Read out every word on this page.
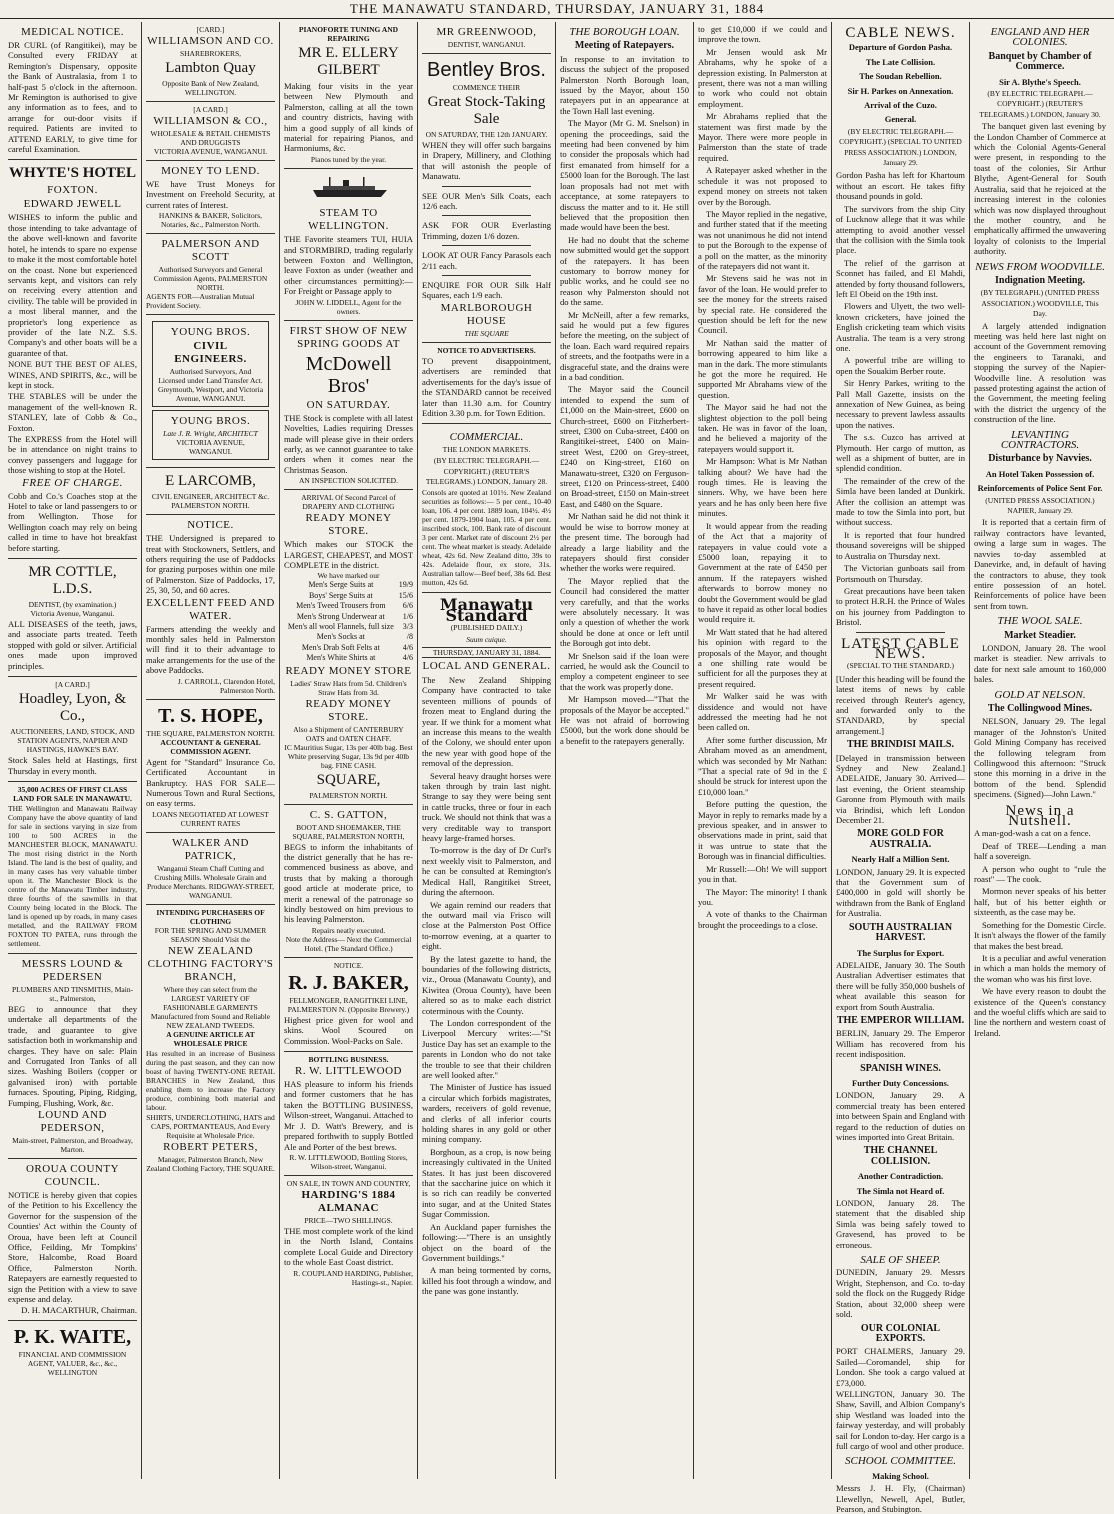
THE MANAWATU STANDARD, THURSDAY, JANUARY 31, 1884
MEDICAL NOTICE.

DR CURL (of Rangitikei), may be Consulted every FRIDAY at Remington's Dispensary, opposite the Bank of Australasia, from 1 to half-past 5 o'clock in the afternoon. Mr Remington is authorised to give any information as to fees, and to arrange for out-door visits if required. Patients are invited to ATTEND EARLY, to give time for careful Examination.

WHYTE'S HOTEL
FOXTON.
EDWARD JEWELL

WISHES to inform the public and those intending to take advantage of the above well-known and favorite hotel, he intends to spare no expense to make it the most comfortable hotel on the coast. None but experienced servants kept, and visitors can rely on receiving every attention and civility. The table will be provided in a most liberal manner, and the proprietor's long experience as provider of the late N.Z. S.S. Company's and other boats will be a guarantee of that.

NONE BUT THE BEST OF ALES, WINES, AND SPIRITS, &c., will be kept in stock.

THE STABLES will be under the management of the well-known R. STANLEY, late of Cobb & Co., Foxton.

The EXPRESS from the Hotel will be in attendance on night trains to convey passengers and luggage for those wishing to stop at the Hotel.

FREE OF CHARGE.

Cobb and Co.'s Coaches stop at the Hotel to take or land passengers to or from Wellington. Those for Wellington coach may rely on being called in time to have hot breakfast before starting.

MR COTTLE, L.D.S.
DENTIST, (by examination.)
Victoria Avenue, Wanganui.

ALL DISEASES of the teeth, jaws, and associate parts treated. Teeth stopped with gold or silver. Artificial ones made upon improved principles.

[A CARD.]
Hoadley, Lyon, & Co.,
AUCTIONEERS, LAND, STOCK, AND STATION AGENTS, NAPIER AND HASTINGS, HAWKE'S BAY.

Stock Sales held at Hastings, first Thursday in every month.

35,000 ACRES OF FIRST CLASS LAND FOR SALE IN MANAWATU.

THE Wellington and Manawatu Railway Company have the above quantity of land for sale in sections varying in size from 100 to 500 ACRES in the MANCHESTER BLOCK, MANAWATU. The most rising district in the North Island. The land is the best of quality, and in many cases has very valuable timber upon it. The Manchester Block is the centre of the Manawatu Timber industry, three fourths of the sawmills in that County being located in the Block. The land is opened up by roads, in many cases metalled, and the RAILWAY FROM FOXTON TO PATEA, runs through the settlement.

MESSRS LOUND & PEDERSEN
PLUMBERS AND TINSMITHS, Main-st., Palmerston,

BEG to announce that they undertake all departments of the trade, and guarantee to give satisfaction both in workmanship and charges. They have on sale: Plain and Corrugated Iron Tanks of all sizes. Washing Boilers (copper or galvanised iron) with portable furnaces. Spouting, Piping, Ridging, Fumping, Flushing, Work, &c.

LOUND AND PEDERSON,
Main-street, Palmerston, and Broadway, Marton.
OROUA COUNTY COUNCIL.

NOTICE is hereby given that copies of the Petition to his Excellency the Governor for the suspension of the Counties' Act within the County of Oroua, have been left at Council Office, Feilding, Mr Tompkins' Store, Halcombe, Road Board Office, Palmerston North. Ratepayers are earnestly requested to sign the Petition with a view to save expense and delay.

D. H. MACARTHUR, Chairman.
P. K. WAITE,
FINANCIAL AND COMMISSION AGENT, VALUER, &c., &c., WELLINGTON
[CARD.]
WILLIAMSON AND CO.
SHAREBROKERS,
Lambton Quay
Opposite Bank of New Zealand, WELLINGTON.
[A CARD.]
WILLIAMSON & CO.,
WHOLESALE & RETAIL CHEMISTS AND DRUGGISTS
VICTORIA AVENUE, WANGANUI.
MONEY TO LEND.

WE have Trust Moneys for Investment on Freehold Security, at current rates of Interest.

HANKINS & BAKER, Solicitors, Notaries, &c., Palmerston North.
PALMERSON AND SCOTT
Authorised Surveyors and General Commission Agents, PALMERSTON NORTH.
AGENTS FOR—Australian Mutual Provident Society.
YOUNG BROS.
CIVIL ENGINEERS.
Authorised Surveyors, And Licensed under Land Transfer Act. Greymouth, Westport, and Victoria Avenue, WANGANUI.
YOUNG BROS.
Late J. R. Wright, ARCHITECT
VICTORIA AVENUE, WANGANUI.
E LARCOMB,
CIVIL ENGINEER, ARCHITECT &c. PALMERSTON NORTH.
NOTICE.

THE Undersigned is prepared to treat with Stockowners, Settlers, and others requiring the use of Paddocks for grazing purposes within one mile of Palmerston. Size of Paddocks, 17, 25, 30, 50, and 60 acres.

EXCELLENT FEED AND WATER.

Farmers attending the weekly and monthly sales held in Palmerston will find it to their advantage to make arrangements for the use of the above Paddocks.

J. CARROLL, Clarendon Hotel, Palmerston North.
T. S. HOPE,
THE SQUARE, PALMERSTON NORTH.
ACCOUNTANT & GENERAL COMMISSION AGENT.

Agent for "Standard" Insurance Co. Certificated Accountant in Bankruptcy. HAS FOR SALE—Numerous Town and Rural Sections, on easy terms.

LOANS NEGOTIATED AT LOWEST CURRENT RATES
WALKER AND PATRICK,
Wanganui Steam Chaff Cutting and Crushing Mills. Wholesale Grain and Produce Merchants. RIDGWAY-STREET, WANGANUI.
INTENDING PURCHASERS OF CLOTHING
FOR THE SPRING AND SUMMER SEASON Should Visit the
NEW ZEALAND CLOTHING FACTORY'S BRANCH,
Where they can select from the LARGEST VARIETY OF FASHIONABLE GARMENTS Manufactured from Sound and Reliable NEW ZEALAND TWEEDS.
A GENUINE ARTICLE AT WHOLESALE PRICE

Has resulted in an increase of Business during the past season, and they can now boast of having TWENTY-ONE RETAIL BRANCHES in New Zealand, thus enabling them to increase the Factory produce, combining both material and labour.

SHIRTS, UNDERCLOTHING, HATS and CAPS, PORTMANTEAUS, And Every Requisite at Wholesale Price.
ROBERT PETERS,
Manager, Palmerston Branch, New Zealand Clothing Factory, THE SQUARE.
PIANOFORTE TUNING AND REPAIRING
MR E. ELLERY GILBERT

Making four visits in the year between New Plymouth and Palmerston, calling at all the town and country districts, having with him a good supply of all kinds of material for repairing Pianos, and Harmoniums, &c.

Pianos tuned by the year.
STEAM TO WELLINGTON.

THE Favorite steamers TUI, HUIA and STORMBIRD, trading regularly between Foxton and Wellington, leave Foxton as under (weather and other circumstances permitting):—For Freight or Passage apply to

JOHN W. LIDDELL, Agent for the owners.
FIRST SHOW OF NEW SPRING GOODS AT
McDowell Bros'
ON SATURDAY.

THE Stock is complete with all latest Novelties, Ladies requiring Dresses made will please give in their orders early, as we cannot guarantee to take orders when it comes near the Christmas Season.

AN INSPECTION SOLICITED.
ARRIVAL Of Second Parcel of DRAPERY AND CLOTHING
READY MONEY STORE.

Which makes our STOCK the LARGEST, CHEAPEST, and MOST COMPLETE in the district.

We have marked our
Men's Serge Suits at	19/9
Boys' Serge Suits at	15/6
Men's Tweed Trousers from	6/6
Men's Strong Underwear at	1/6
Men's all wool Flannels, full size	3/3
Men's Socks at	/8
Men's Drab Soft Felts at	4/6
Men's White Shirts at	4/6
READY MONEY STORE
Ladies' Straw Hats from 5d. Children's Straw Hats from 3d.
READY MONEY STORE.
Also a Shipment of CANTERBURY OATS and OATEN CHAFF.
IC Mauritius Sugar, 13s per 40lb bag. Best White preserving Sugar, 13s 9d per 40lb bag. FINE CASH.
SQUARE,
PALMERSTON NORTH.
C. S. GATTON,
BOOT AND SHOEMAKER, THE SQUARE, PALMERSTON NORTH,

BEGS to inform the inhabitants of the district generally that he has re-commenced business as above, and trusts that by making a thorough good article at moderate price, to merit a renewal of the patronage so kindly bestowed on him previous to his leaving Palmerston.

Repairs neatly executed.
Note the Address— Next the Commercial Hotel. (The Standard Office.)
NOTICE.
R. J. BAKER,
FELLMONGER, RANGITIKEI LINE, PALMERSTON N. (Opposite Brewery.)

Highest price given for wool and skins. Wool Scoured on Commission. Wool-Packs on Sale.

BOTTLING BUSINESS.
R. W. LITTLEWOOD

HAS pleasure to inform his friends and former customers that he has taken the BOTTLING BUSINESS, Wilson-street, Wanganui. Attached to Mr J. D. Watt's Brewery, and is prepared forthwith to supply Bottled Ale and Porter of the best brews.

R. W. LITTLEWOOD, Bottling Stores, Wilson-street, Wanganui.
ON SALE, IN TOWN AND COUNTRY,
HARDING'S 1884 ALMANAC
PRICE—TWO SHILLINGS.

THE most complete work of the kind in the North Island, Contains complete Local Guide and Directory to the whole East Coast district.

R. COUPLAND HARDING, Publisher, Hastings-st., Napier.
MR GREENWOOD,
DENTIST, WANGANUI.
Bentley Bros.
COMMENCE THEIR
Great Stock-Taking Sale
ON SATURDAY, THE 12th JANUARY.

WHEN they will offer such bargains in Drapery, Millinery, and Clothing that will astonish the people of Manawatu.

SEE OUR Men's Silk Coats, each 12/6 each.

ASK FOR OUR Everlasting Trimming, dozen 1/6 dozen.

LOOK AT OUR Fancy Parasols each 2/11 each.

ENQUIRE FOR OUR Silk Half Squares, each 1/9 each.

MARLBOROUGH HOUSE
THE SQUARE
NOTICE TO ADVERTISERS.

TO prevent disappointment, advertisers are reminded that advertisements for the day's issue of the STANDARD cannot be received later than 11.30 a.m. for Country Edition 3.30 p.m. for Town Edition.

COMMERCIAL.
THE LONDON MARKETS.
(BY ELECTRIC TELEGRAPH.—COPYRIGHT.) (REUTER'S TELEGRAMS.) LONDON, January 28.

Consols are quoted at 101½. New Zealand securities as follows:— 5 per cent., 10-40 loan, 106. 4 per cent. 1889 loan, 104½. 4½ per cent. 1879-1904 loan, 105. 4 per cent. inscribed stock, 100. Bank rate of discount 3 per cent. Market rate of discount 2½ per cent. The wheat market is steady. Adelaide wheat, 42s 6d. New Zealand ditto, 39s to 42s. Adelaide flour, ex store, 31s. Australian tallow—Beef beef, 38s 6d. Best mutton, 42s 6d.

Manawatu Standard
(PUBLISHED DAILY.)
Suum cuique.
THURSDAY, JANUARY 31, 1884.
LOCAL AND GENERAL.

The New Zealand Shipping Company have contracted to take seventeen millions of pounds of frozen meat to England during the year. If we think for a moment what an increase this means to the wealth of the Colony, we should enter upon the new year with good hope of the removal of the depression.

Several heavy draught horses were taken through by train last night. Strange to say they were being sent in cattle trucks, three or four in each truck. We should not think that was a very creditable way to transport heavy large-framed horses.

To-morrow is the day of Dr Curl's next weekly visit to Palmerston, and he can be consulted at Remington's Medical Hall, Rangitikei Street, during the afternoon.

We again remind our readers that the outward mail via Frisco will close at the Palmerston Post Office to-morrow evening, at a quarter to eight.

By the latest gazette to hand, the boundaries of the following districts, viz., Oroua (Manawatu County), and Kiwitea (Oroua County), have been altered so as to make each district coterminous with the County.

The London correspondent of the Liverpool Mercury writes:—"St Justice Day has set an example to the parents in London who do not take the trouble to see that their children are well looked after."

The Minister of Justice has issued a circular which forbids magistrates, warders, receivers of gold revenue, and clerks of all inferior courts holding shares in any gold or other mining company.

Borghoun, as a crop, is now being increasingly cultivated in the United States. It has just been discovered that the saccharine juice on which it is so rich can readily be converted into sugar, and at the United States Sugar Commission.

An Auckland paper furnishes the following:—"There is an unsightly object on the board of the Government buildings."

A man being tormented by corns, killed his foot through a window, and the pane was gone instantly.

THE BOROUGH LOAN.
Meeting of Ratepayers.

In response to an invitation to discuss the subject of the proposed Palmerston North Borough loan, issued by the Mayor, about 150 ratepayers put in an appearance at the Town Hall last evening.

The Mayor (Mr G. M. Snelson) in opening the proceedings, said the meeting had been convened by him to consider the proposals which had first emanated from himself for a £5000 loan for the Borough. The last loan proposals had not met with acceptance, at some ratepayers to discuss the matter and to it. He still believed that the proposition then made would have been the best.

He had no doubt that the scheme now submitted would get the support of the ratepayers. It has been customary to borrow money for public works, and he could see no reason why Palmerston should not do the same.

Mr McNeill, after a few remarks, said he would put a few figures before the meeting, on the subject of the loan. Each ward required repairs of streets, and the footpaths were in a disgraceful state, and the drains were in a bad condition.

The Mayor said the Council intended to expend the sum of £1,000 on the Main-street, £600 on Church-street, £600 on Fitzherbert-street, £300 on Cuba-street, £400 on Rangitikei-street, £400 on Main-street West, £200 on Grey-street, £240 on King-street, £160 on Manawatu-street, £320 on Ferguson-street, £120 on Princess-street, £400 on Broad-street, £150 on Main-street East, and £480 on the Square.

Mr Nathan said he did not think it would be wise to borrow money at the present time. The borough had already a large liability and the ratepayers should first consider whether the works were required.

The Mayor replied that the Council had considered the matter very carefully, and that the works were absolutely necessary. It was only a question of whether the work should be done at once or left until the Borough got into debt.

Mr Snelson said if the loan were carried, he would ask the Council to employ a competent engineer to see that the work was properly done.

Mr Hampson moved—"That the proposals of the Mayor be accepted." He was not afraid of borrowing £5000, but the work done should be a benefit to the ratepayers generally.

to get £10,000 if we could and improve the town.

Mr Jensen would ask Mr Abrahams, why he spoke of a depression existing. In Palmerston at present, there was not a man willing to work who could not obtain employment.

Mr Abrahams replied that the statement was first made by the Mayor. There were more people in Palmerston than the state of trade required.

A Ratepayer asked whether in the schedule it was not proposed to expend money on streets not taken over by the Borough.

The Mayor replied in the negative, and further stated that if the meeting was not unanimous he did not intend to put the Borough to the expense of a poll on the matter, as the minority of the ratepayers did not want it.

Mr Stevens said he was not in favor of the loan. He would prefer to see the money for the streets raised by special rate. He considered the question should be left for the new Council.

Mr Nathan said the matter of borrowing appeared to him like a man in the dark. The more stimulants he got the more he required. He supported Mr Abrahams view of the question.

The Mayor said he had not the slightest objection to the poll being taken. He was in favor of the loan, and he believed a majority of the ratepayers would support it.

Mr Hampson: What is Mr Nathan talking about? We have had the rough times. He is leaving the sinners. Why, we have been here years and he has only been here five minutes.

It would appear from the reading of the Act that a majority of ratepayers in value could vote a £5000 loan, repaying it to Government at the rate of £450 per annum. If the ratepayers wished afterwards to borrow money no doubt the Government would be glad to have it repaid as other local bodies would require it.

Mr Watt stated that he had altered his opinion with regard to the proposals of the Mayor, and thought a one shilling rate would be sufficient for all the purposes they at present required.

Mr Walker said he was with dissidence and would not have addressed the meeting had he not been called on.

After some further discussion, Mr Abraham moved as an amendment, which was seconded by Mr Nathan: "That a special rate of 9d in the £ should be struck for interest upon the £10,000 loan."

Before putting the question, the Mayor in reply to remarks made by a previous speaker, and in answer to observations made in print, said that it was untrue to state that the Borough was in financial difficulties.

Mr Russell:—Oh! We will support you in that.

The Mayor: The minority! I thank you.

A vote of thanks to the Chairman brought the proceedings to a close.

CABLE NEWS.
Departure of Gordon Pasha.
The Late Collision.
The Soudan Rebellion.
Sir H. Parkes on Annexation.
Arrival of the Cuzo.
General.
(BY ELECTRIC TELEGRAPH.—COPYRIGHT.) (SPECIAL TO UNITED PRESS ASSOCIATION.) LONDON, January 29.

Gordon Pasha has left for Khartoum without an escort. He takes fifty thousand pounds in gold.

The survivors from the ship City of Lucknow allege that it was while attempting to avoid another vessel that the collision with the Simla took place.

The relief of the garrison at Sconnet has failed, and El Mahdi, attended by forty thousand followers, left El Obeid on the 19th inst.

Flowers and Ulyett, the two well-known cricketers, have joined the English cricketing team which visits Australia. The team is a very strong one.

A powerful tribe are willing to open the Souakim Berber route.

Sir Henry Parkes, writing to the Pall Mall Gazette, insists on the annexation of New Guinea, as being necessary to prevent lawless assaults upon the natives.

The s.s. Cuzco has arrived at Plymouth. Her cargo of mutton, as well as a shipment of butter, are in splendid condition.

The remainder of the crew of the Simla have been landed at Dunkirk. After the collision an attempt was made to tow the Simla into port, but without success.

It is reported that four hundred thousand sovereigns will be shipped to Australia on Thursday next.

The Victorian gunboats sail from Portsmouth on Thursday.

Great precautions have been taken to protect H.R.H. the Prince of Wales on his journey from Paddington to Bristol.

LATEST CABLE NEWS.
(SPECIAL TO THE STANDARD.)

[Under this heading will be found the latest items of news by cable received through Reuter's agency, and forwarded only to the STANDARD, by special arrangement.]

THE BRINDISI MAILS.

[Delayed in transmission between Sydney and New Zealand.] ADELAIDE, January 30. Arrived—last evening, the Orient steamship Garonne from Plymouth with mails via Brindisi, which left London December 21.

MORE GOLD FOR AUSTRALIA.
Nearly Half a Million Sent.

LONDON, January 29. It is expected that the Government sum of £400,000 in gold will shortly be withdrawn from the Bank of England for Australia.

SOUTH AUSTRALIAN HARVEST.
The Surplus for Export.

ADELAIDE, January 30. The South Australian Advertiser estimates that there will be fully 350,000 bushels of wheat available this season for export from South Australia.

THE EMPEROR WILLIAM.

BERLIN, January 29. The Emperor William has recovered from his recent indisposition.

SPANISH WINES.
Further Duty Concessions.

LONDON, January 29. A commercial treaty has been entered into between Spain and England with regard to the reduction of duties on wines imported into Great Britain.

THE CHANNEL COLLISION.
Another Contradiction.
The Simla not Heard of.

LONDON, January 28. The statement that the disabled ship Simla was being safely towed to Gravesend, has proved to be erroneous.

SALE OF SHEEP.

DUNEDIN, January 29. Messrs Wright, Stephenson, and Co. to-day sold the flock on the Ruggedy Ridge Station, about 32,000 sheep were sold.

OUR COLONIAL EXPORTS.

PORT CHALMERS, January 29. Sailed—Coromandel, ship for London. She took a cargo valued at £73,000.

WELLINGTON, January 30. The Shaw, Savill, and Albion Company's ship Westland was loaded into the fairway yesterday, and will probably sail for London to-day. Her cargo is a full cargo of wool and other produce.

SCHOOL COMMITTEE.
Making School.

Messrs J. H. Fly, (Chairman) Llewellyn, Newell, Apel, Butler, Pearson, and Stubington.

ENGLAND AND HER COLONIES.
Banquet by Chamber of Commerce.
Sir A. Blythe's Speech.
(BY ELECTRIC TELEGRAPH.—COPYRIGHT.) (REUTER'S TELEGRAMS.) LONDON, January 30.

The banquet given last evening by the London Chamber of Commerce at which the Colonial Agents-General were present, in responding to the toast of the colonies, Sir Arthur Blythe, Agent-General for South Australia, said that he rejoiced at the increasing interest in the colonies which was now displayed throughout the mother country, and he emphatically affirmed the unwavering loyalty of colonists to the Imperial authority.

NEWS FROM WOODVILLE.
Indignation Meeting.
(BY TELEGRAPH.) (UNITED PRESS ASSOCIATION.) WOODVILLE, This Day.

A largely attended indignation meeting was held here last night on account of the Government removing the engineers to Taranaki, and stopping the survey of the Napier-Woodville line. A resolution was passed protesting against the action of the Government, the meeting feeling with the district the urgency of the construction of the line.

LEVANTING CONTRACTORS.
Disturbance by Navvies.
An Hotel Taken Possession of.
Reinforcements of Police Sent For.
(UNITED PRESS ASSOCIATION.) NAPIER, January 29.

It is reported that a certain firm of railway contractors have levanted, owing a large sum in wages. The navvies to-day assembled at Danevirke, and, in default of having the contractors to abuse, they took entire possession of an hotel. Reinforcements of police have been sent from town.

THE WOOL SALE.
Market Steadier.

LONDON, January 28. The wool market is steadier. New arrivals to date for next sale amount to 160,000 bales.

GOLD AT NELSON.
The Collingwood Mines.

NELSON, January 29. The legal manager of the Johnston's United Gold Mining Company has received the following telegram from Collingwood this afternoon: "Struck stone this morning in a drive in the bottom of the bend. Splendid specimens. (Signed)—John Lawn."

News in a Nutshell.

A man-god-wash a cat on a fence.

Deaf of TREE—Lending a man half a sovereign.

A person who ought to "rule the roast" — The cook.

Mormon never speaks of his better half, but of his better eighth or sixteenth, as the case may be.

Something for the Domestic Circle. It isn't always the flower of the family that makes the best bread.

It is a peculiar and awful veneration in which a man holds the memory of the woman who was his first love.

We have every reason to doubt the existence of the Queen's constancy and the woeful cliffs which are said to line the northern and western coast of Ireland.
